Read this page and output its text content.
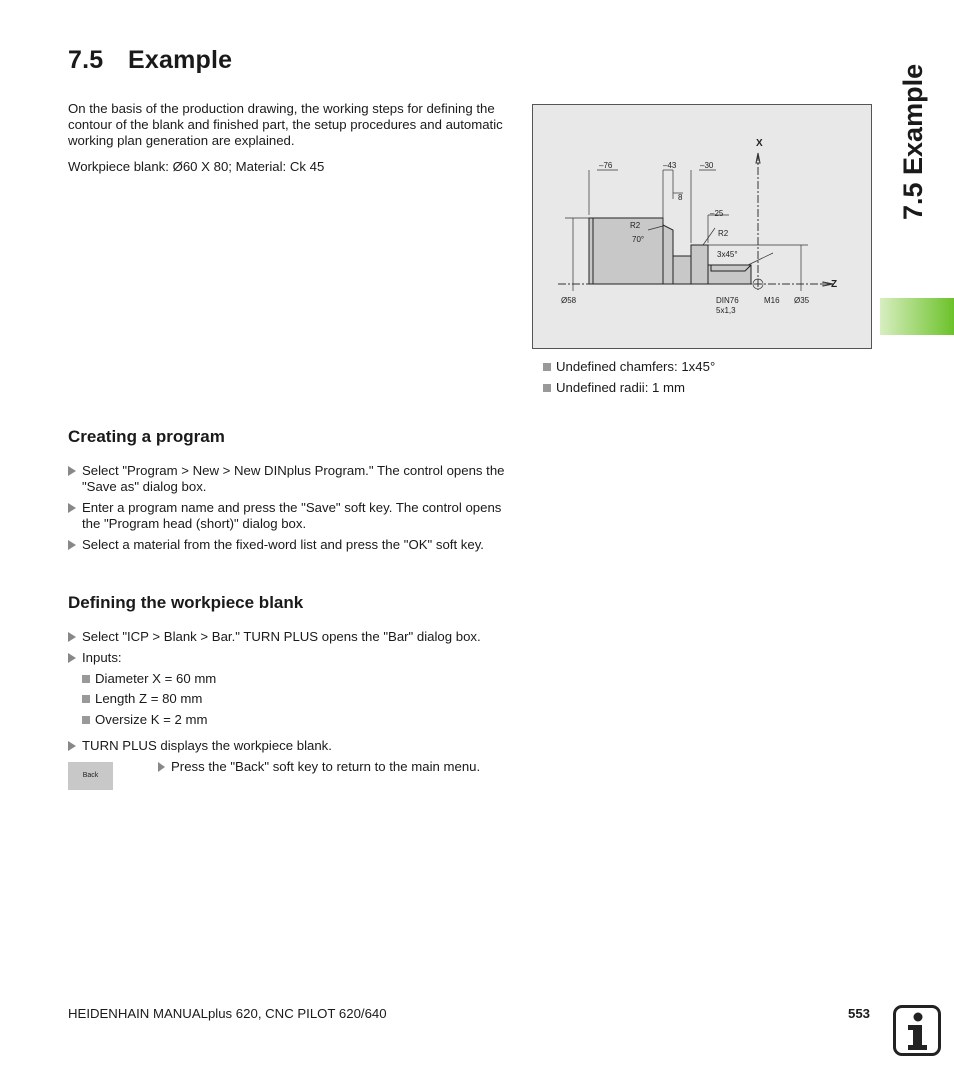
7.5 Example
On the basis of the production drawing, the working steps for defining the contour of the blank and finished part, the setup procedures and automatic working plan generation are explained.
Workpiece blank: Ø60 X 80; Material: Ck 45
X
Z
–76	–43	–30
8
–25
R2
70°
R2
3x45°
Ø58	DIN76
5x1,3
M16 Ø35
Undefined chamfers: 1x45°
Undefined radii: 1 mm
Creating a program
Select "Program > New > New DINplus Program." The control opens the "Save as" dialog box.
Enter a program name and press the "Save" soft key. The control opens the "Program head (short)" dialog box.
Select a material from the fixed-word list and press the "OK" soft key.
Defining the workpiece blank
Select "ICP > Blank > Bar." TURN PLUS opens the "Bar" dialog box.
Inputs:
Diameter X = 60 mm
Length Z = 80 mm
Oversize K = 2 mm
TURN PLUS displays the workpiece blank.
Back
Press the "Back" soft key to return to the main menu.
7.5 Example
HEIDENHAIN MANUALplus 620, CNC PILOT 620/640	553
